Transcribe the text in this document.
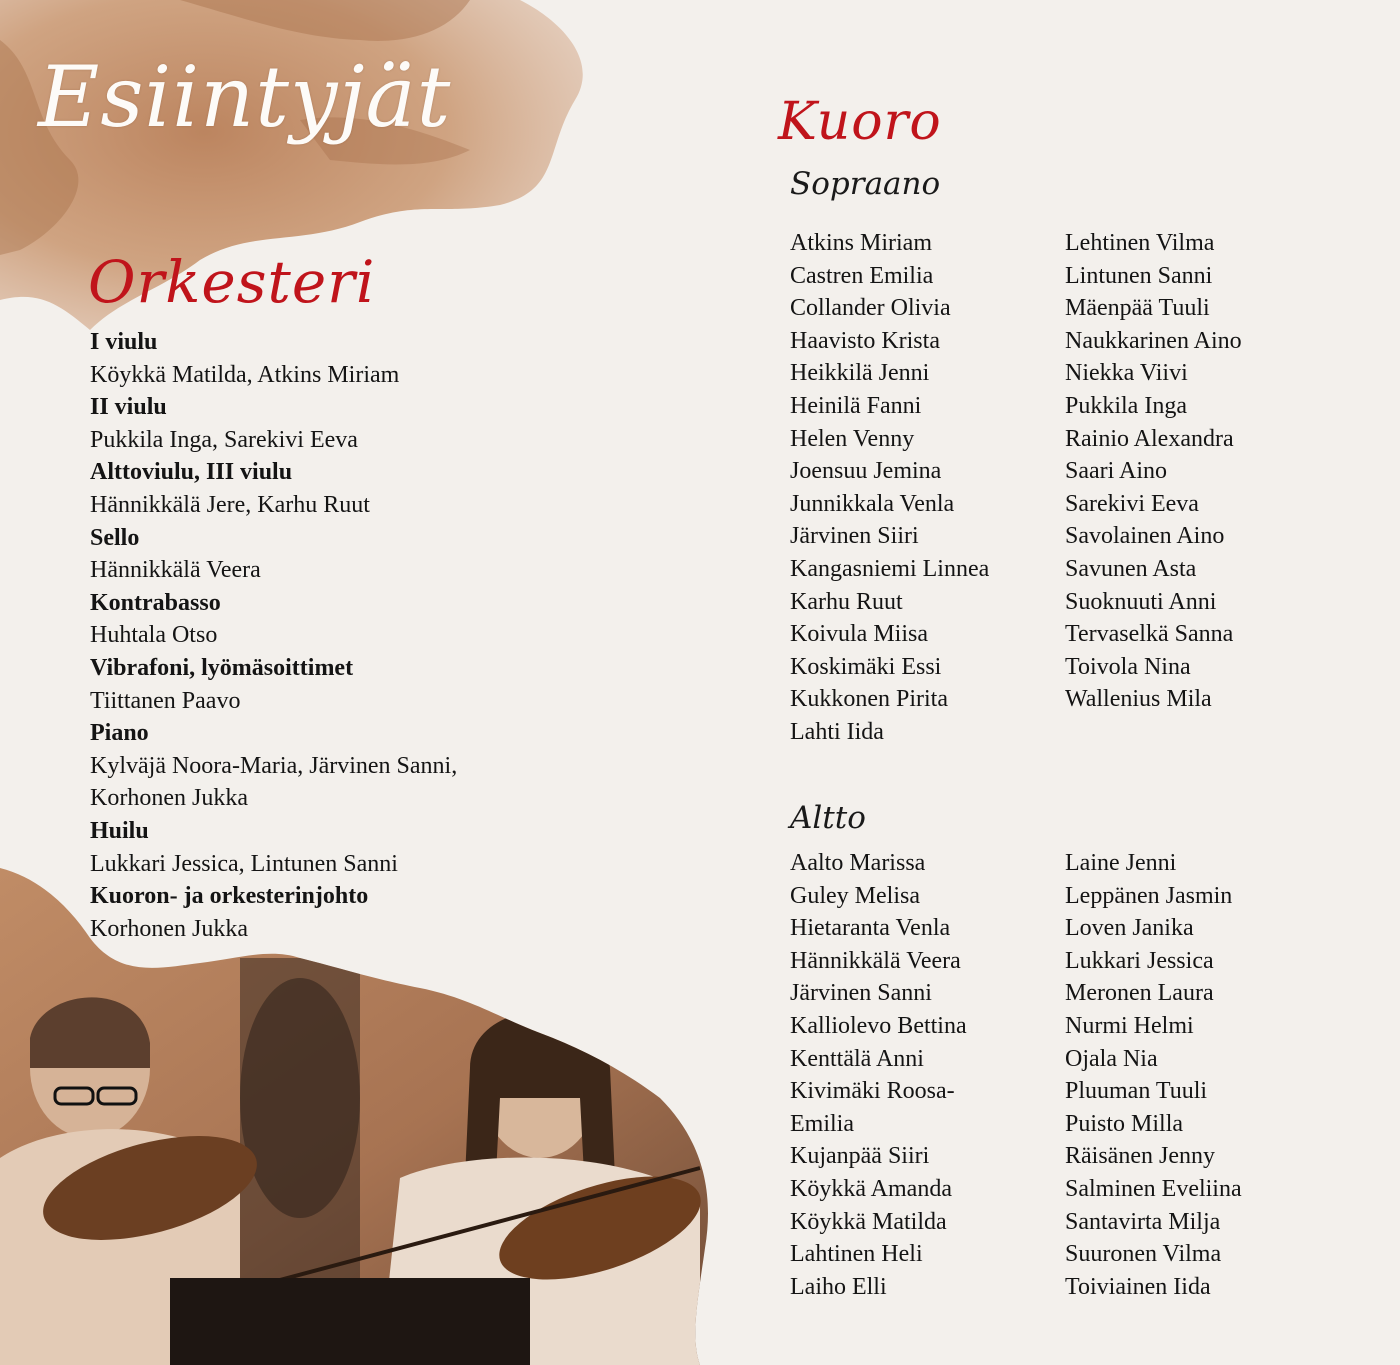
Esiintyjät
Orkesteri
I viulu
Köykkä Matilda, Atkins Miriam
II viulu
Pukkila Inga, Sarekivi Eeva
Alttoviulu, III viulu
Hännikkälä Jere, Karhu Ruut
Sello
Hännikkälä Veera
Kontrabasso
Huhtala Otso
Vibrafoni, lyömäsoittimet
Tiittanen Paavo
Piano
Kylväjä Noora-Maria, Järvinen Sanni,
Korhonen Jukka
Huilu
Lukkari Jessica, Lintunen Sanni
Kuoron- ja orkesterinjohto
Korhonen Jukka
Kuoro
Sopraano
Altto
Atkins Miriam
Castren Emilia
Collander Olivia
Haavisto Krista
Heikkilä Jenni
Heinilä Fanni
Helen Venny
Joensuu Jemina
Junnikkala Venla
Järvinen Siiri
Kangasniemi Linnea
Karhu Ruut
Koivula Miisa
Koskimäki Essi
Kukkonen Pirita
Lahti Iida
Lehtinen Vilma
Lintunen Sanni
Mäenpää Tuuli
Naukkarinen Aino
Niekka Viivi
Pukkila Inga
Rainio Alexandra
Saari Aino
Sarekivi Eeva
Savolainen Aino
Savunen Asta
Suoknuuti Anni
Tervaselkä Sanna
Toivola Nina
Wallenius Mila
Aalto Marissa
Guley Melisa
Hietaranta Venla
Hännikkälä Veera
Järvinen Sanni
Kalliolevo Bettina
Kenttälä Anni
Kivimäki Roosa-
Emilia
Kujanpää Siiri
Köykkä Amanda
Köykkä Matilda
Lahtinen Heli
Laiho Elli
Laine Jenni
Leppänen Jasmin
Loven Janika
Lukkari Jessica
Meronen Laura
Nurmi Helmi
Ojala Nia
Pluuman Tuuli
Puisto Milla
Räisänen Jenny
Salminen Eveliina
Santavirta Milja
Suuronen Vilma
Toiviainen Iida
